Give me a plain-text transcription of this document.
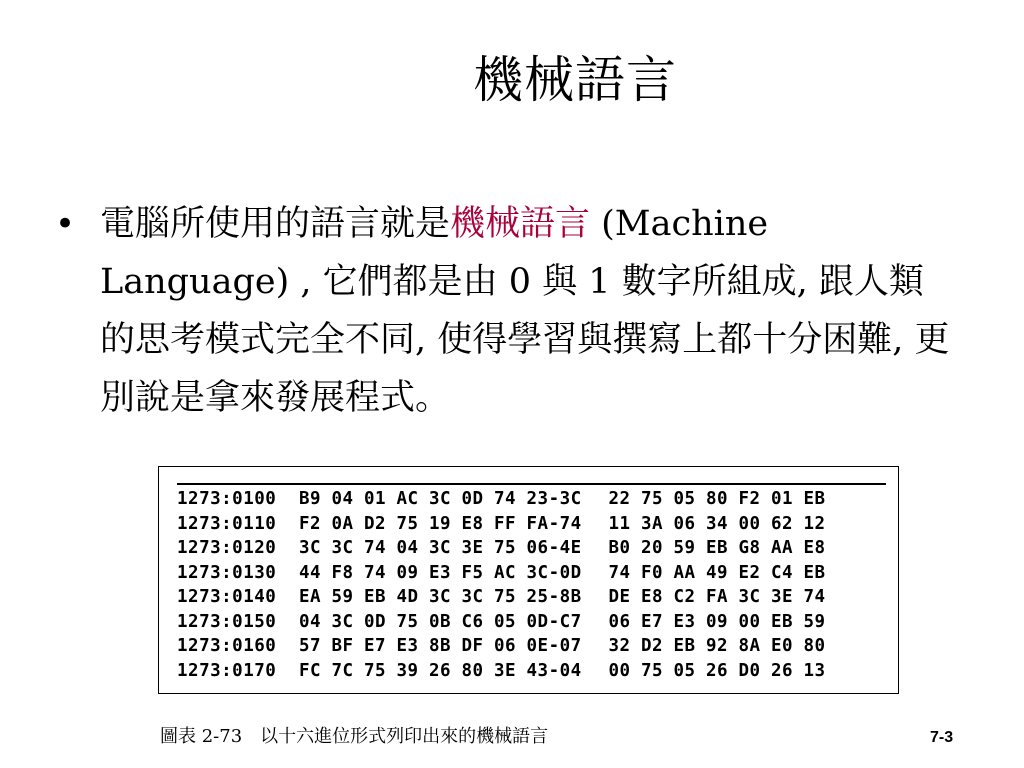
機械語言
• 電腦所使用的語言就是機械語言 (Machine Language) , 它們都是由 0 與 1 數字所組成, 跟人類的思考模式完全不同, 使得學習與撰寫上都十分困難, 更別說是拿來發展程式。
1273:0100	B9 04 01 AC 3C 0D 74 23-3C	22 75 05 80 F2 01 EB
1273:0110	F2 0A D2 75 19 E8 FF FA-74	11 3A 06 34 00 62 12
1273:0120	3C 3C 74 04 3C 3E 75 06-4E	B0 20 59 EB G8 AA E8
1273:0130	44 F8 74 09 E3 F5 AC 3C-0D	74 F0 AA 49 E2 C4 EB
1273:0140	EA 59 EB 4D 3C 3C 75 25-8B	DE E8 C2 FA 3C 3E 74
1273:0150	04 3C 0D 75 0B C6 05 0D-C7	06 E7 E3 09 00 EB 59
1273:0160	57 BF E7 E3 8B DF 06 0E-07	32 D2 EB 92 8A E0 80
1273:0170	FC 7C 75 39 26 80 3E 43-04	00 75 05 26 D0 26 13
圖表 2-73　以十六進位形式列印出來的機械語言	7-3
